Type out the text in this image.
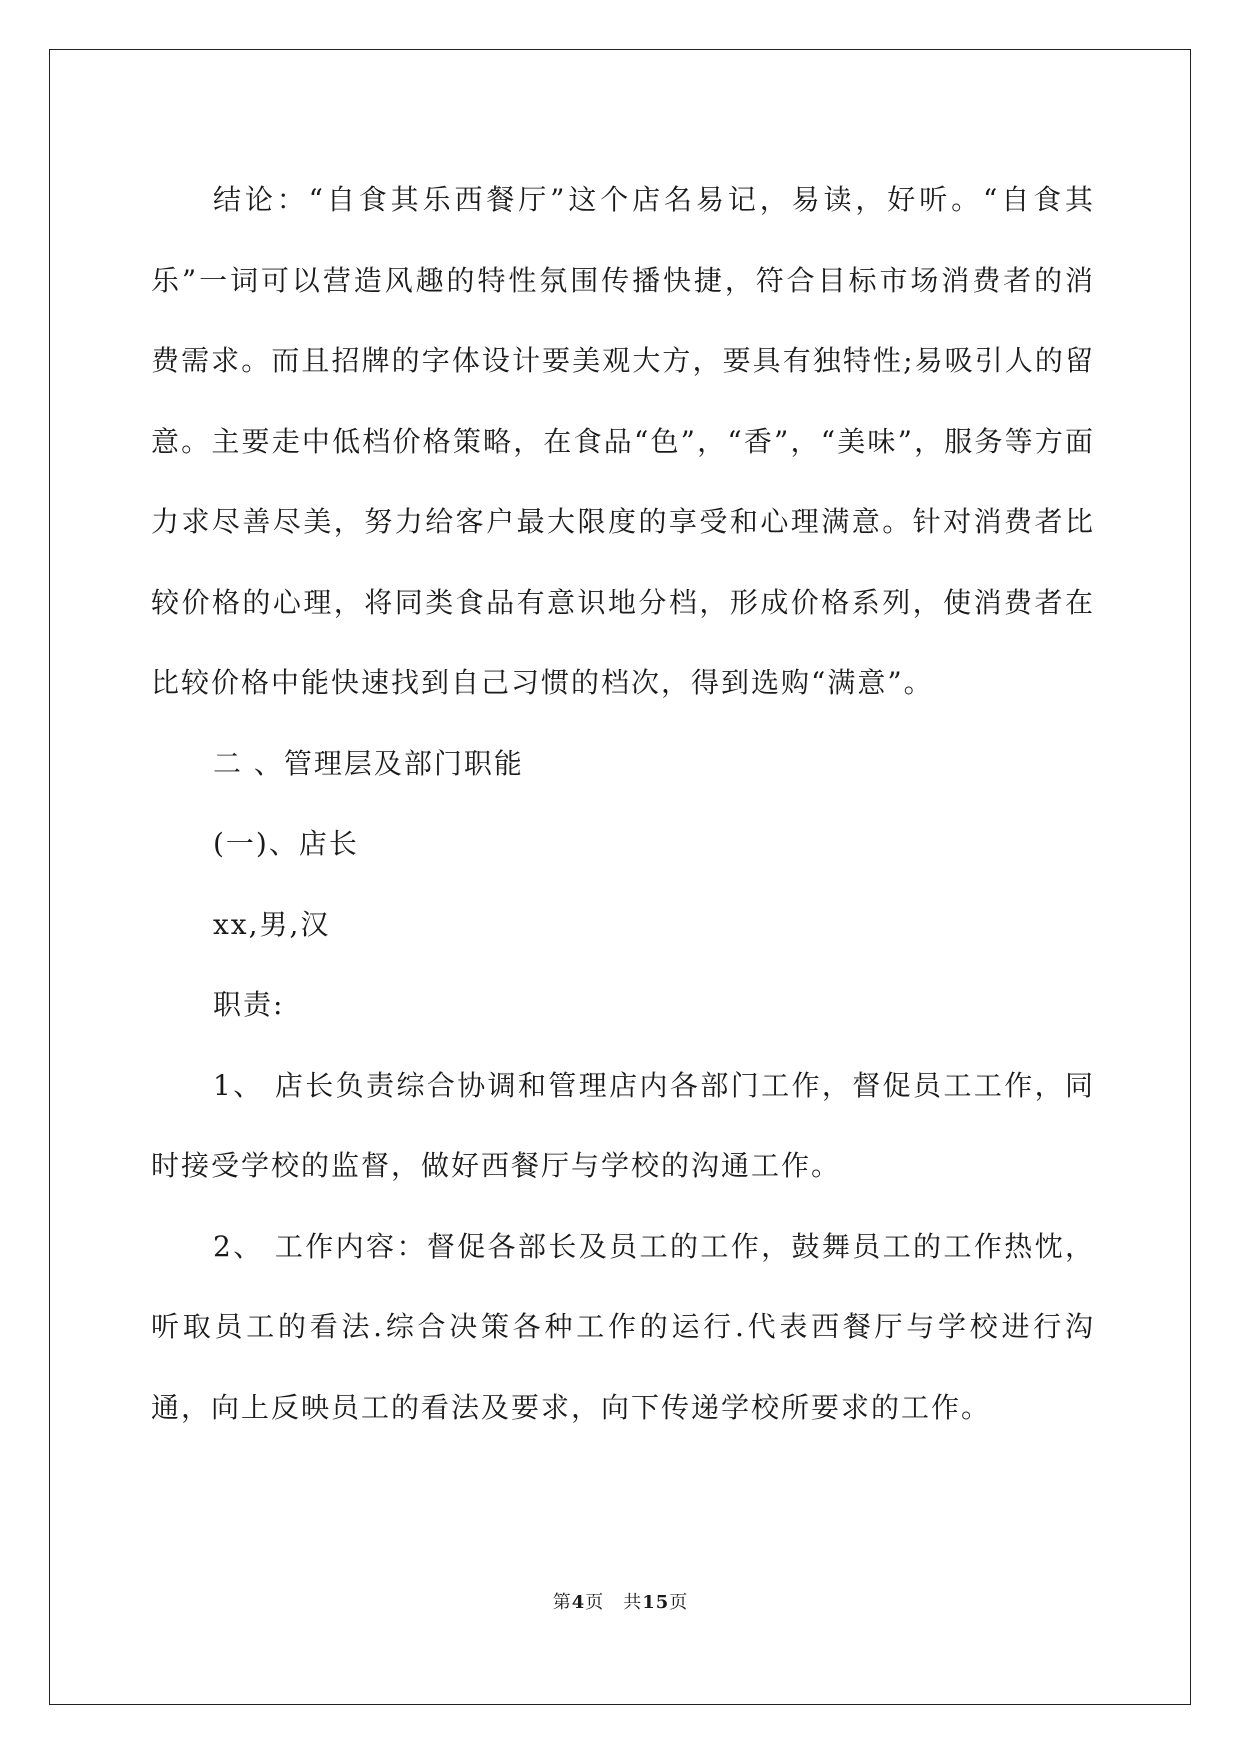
结论：“自食其乐西餐厅”这个店名易记，易读，好听。“自食其乐”一词可以营造风趣的特性氛围传播快捷，符合目标市场消费者的消费需求。而且招牌的字体设计要美观大方，要具有独特性;易吸引人的留意。主要走中低档价格策略，在食品“色”，“香”，“美味”，服务等方面力求尽善尽美，努力给客户最大限度的享受和心理满意。针对消费者比较价格的心理，将同类食品有意识地分档，形成价格系列，使消费者在比较价格中能快速找到自己习惯的档次，得到选购“满意”。

二 、管理层及部门职能

(一)、店长

xx,男,汉

职责:

1、 店长负责综合协调和管理店内各部门工作，督促员工工作，同时接受学校的监督，做好西餐厅与学校的沟通工作。

2、 工作内容：督促各部长及员工的工作，鼓舞员工的工作热忱，听取员工的看法.综合决策各种工作的运行.代表西餐厅与学校进行沟通，向上反映员工的看法及要求，向下传递学校所要求的工作。

第4页　共15页
